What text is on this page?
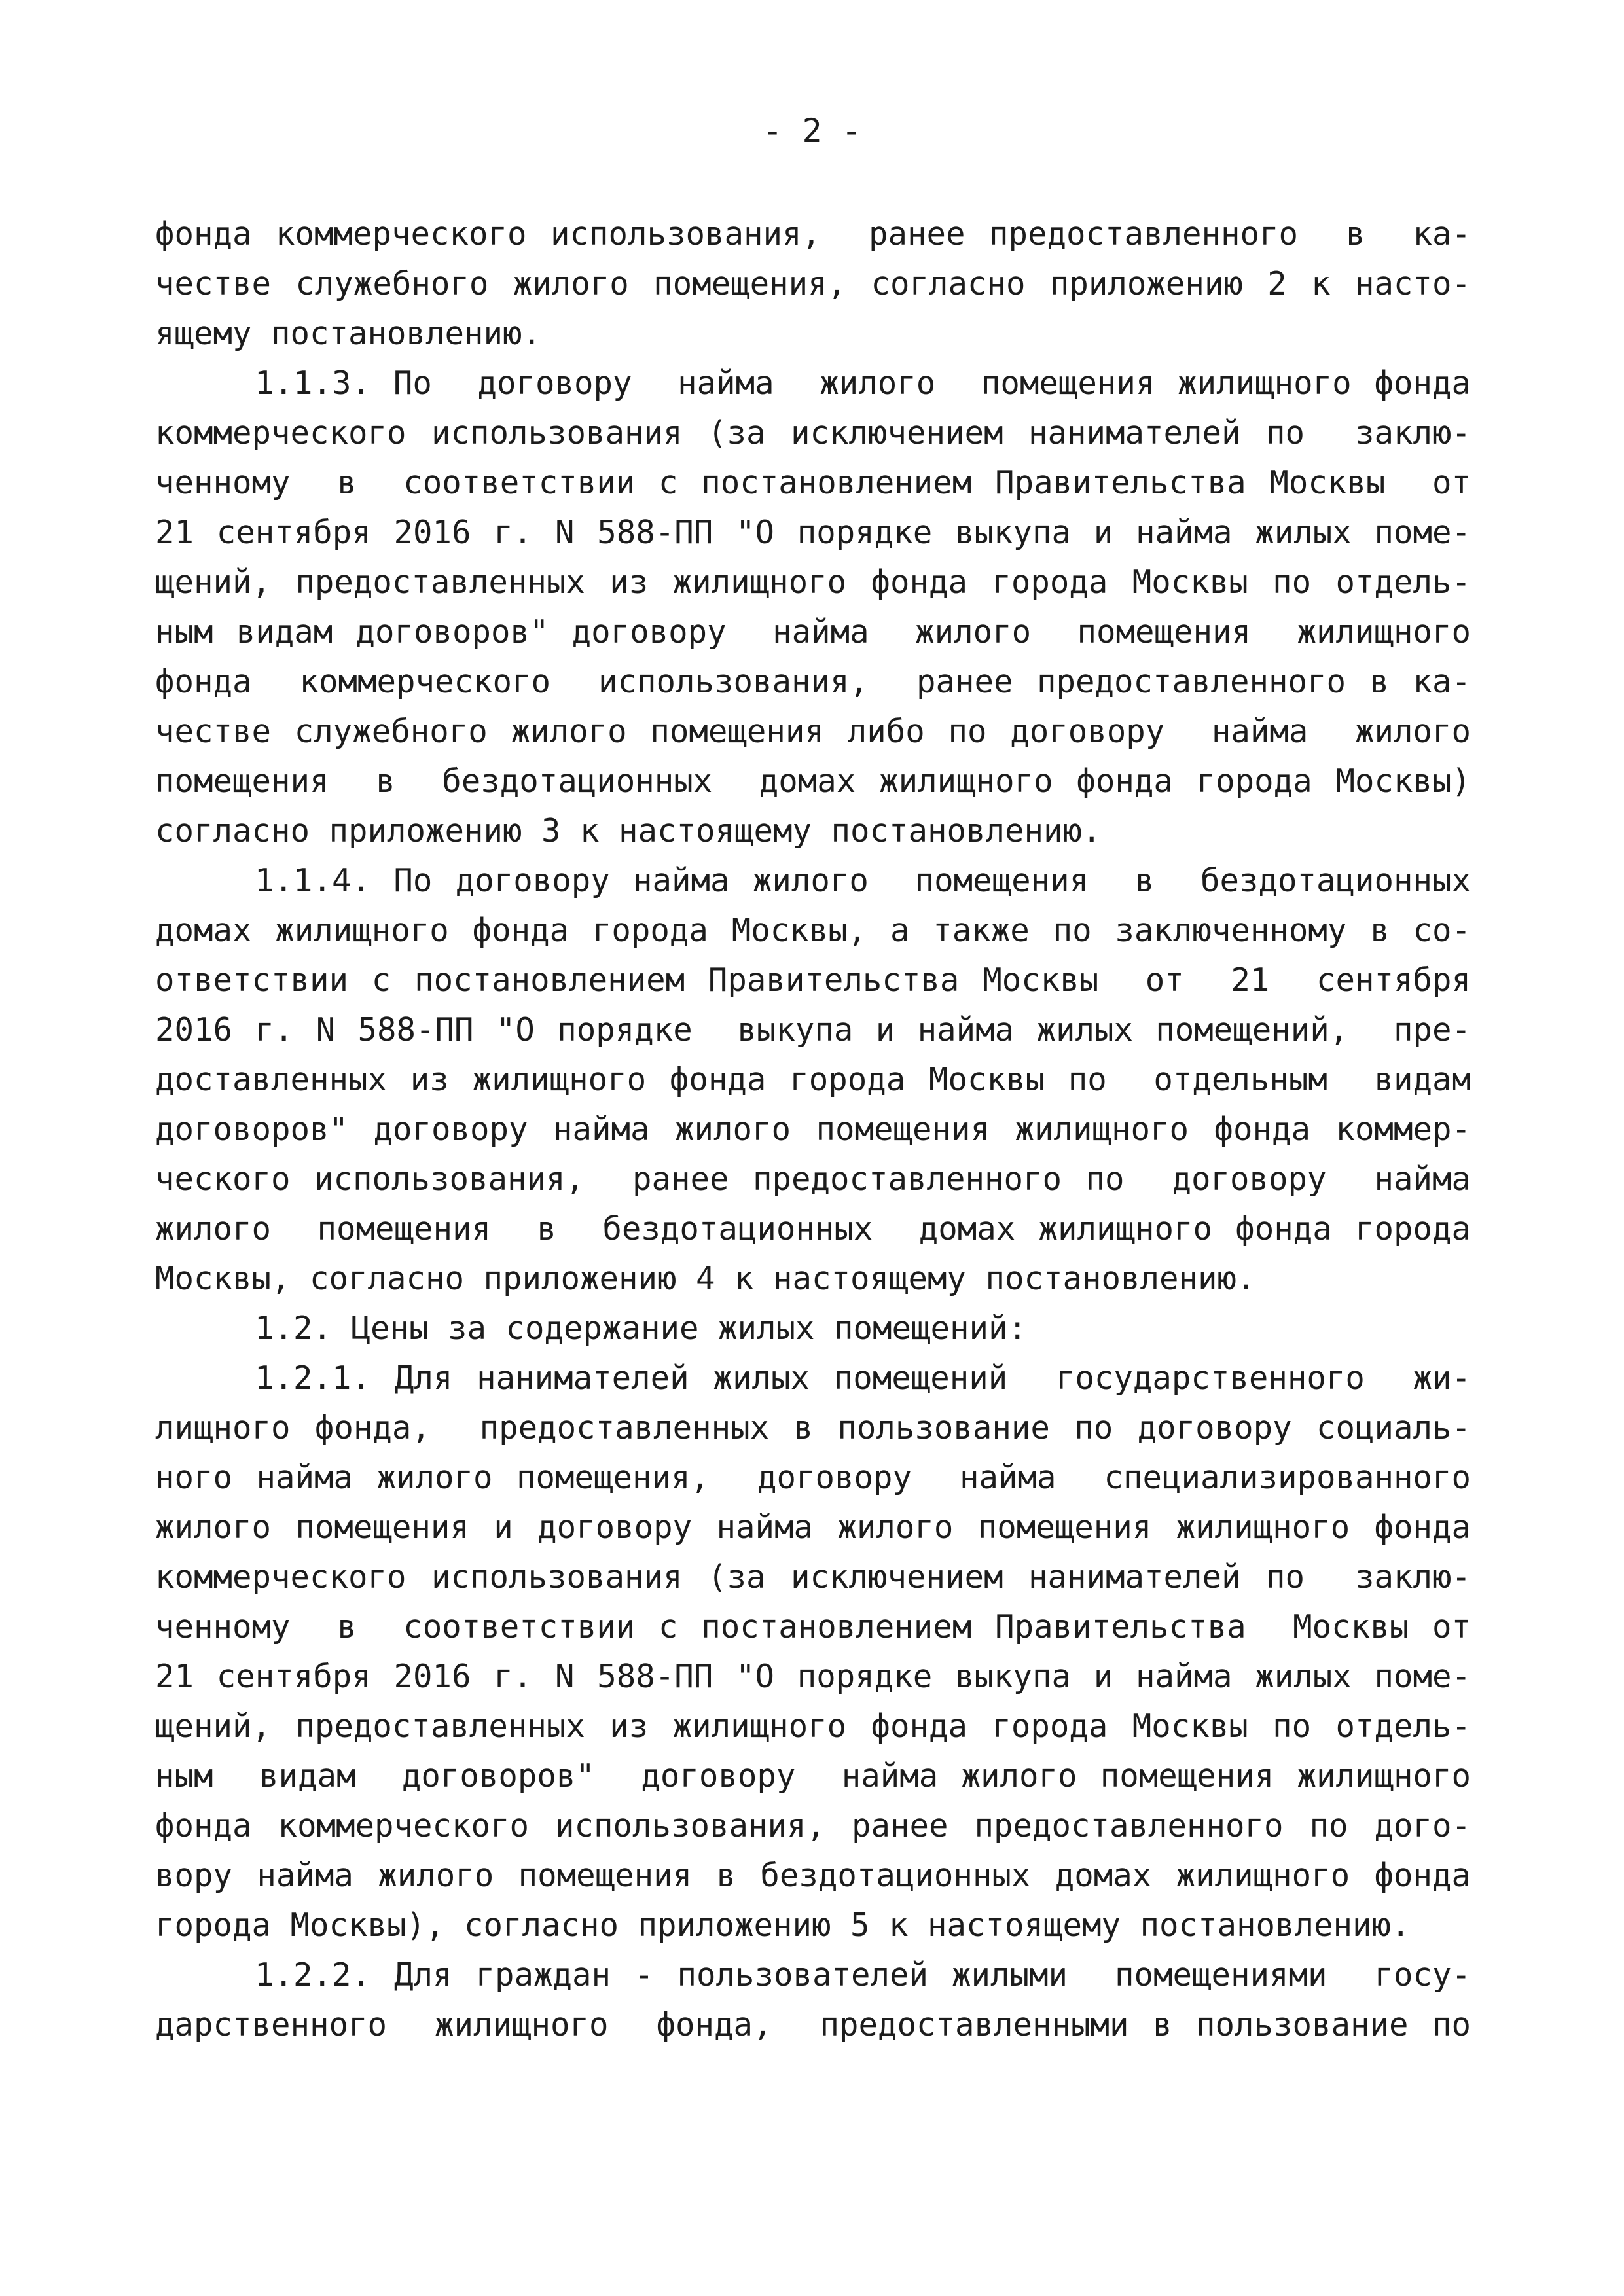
- 2 -
фонда коммерческого использования,  ранее предоставленного  в  ка-
честве служебного жилого помещения, согласно приложению 2 к насто-
ящему постановлению.
1.1.3. По  договору  найма  жилого  помещения жилищного фонда
коммерческого использования (за исключением нанимателей по  заклю-
ченному  в  соответствии с постановлением Правительства Москвы  от
21 сентября 2016 г. N 588-ПП "О порядке выкупа и найма жилых поме-
щений, предоставленных из жилищного фонда города Москвы по отдель-
ным видам договоров" договору  найма  жилого  помещения  жилищного
фонда  коммерческого  использования,  ранее предоставленного в ка-
честве служебного жилого помещения либо по договору  найма  жилого
помещения  в  бездотационных  домах жилищного фонда города Москвы)
согласно приложению 3 к настоящему постановлению.
1.1.4. По договору найма жилого  помещения  в  бездотационных
домах жилищного фонда города Москвы, а также по заключенному в со-
ответствии с постановлением Правительства Москвы  от  21  сентября
2016 г. N 588-ПП "О порядке  выкупа и найма жилых помещений,  пре-
доставленных из жилищного фонда города Москвы по  отдельным  видам
договоров" договору найма жилого помещения жилищного фонда коммер-
ческого использования,  ранее предоставленного по  договору  найма
жилого  помещения  в  бездотационных  домах жилищного фонда города
Москвы, согласно приложению 4 к настоящему постановлению.
1.2. Цены за содержание жилых помещений:
1.2.1. Для нанимателей жилых помещений  государственного  жи-
лищного фонда,  предоставленных в пользование по договору социаль-
ного найма жилого помещения,  договору  найма  специализированного
жилого помещения и договору найма жилого помещения жилищного фонда
коммерческого использования (за исключением нанимателей по  заклю-
ченному  в  соответствии с постановлением Правительства  Москвы от
21 сентября 2016 г. N 588-ПП "О порядке выкупа и найма жилых поме-
щений, предоставленных из жилищного фонда города Москвы по отдель-
ным  видам  договоров"  договору  найма жилого помещения жилищного
фонда коммерческого использования, ранее предоставленного по дого-
вору найма жилого помещения в бездотационных домах жилищного фонда
города Москвы), согласно приложению 5 к настоящему постановлению.
1.2.2. Для граждан - пользователей жилыми  помещениями  госу-
дарственного  жилищного  фонда,  предоставленными в пользование по
